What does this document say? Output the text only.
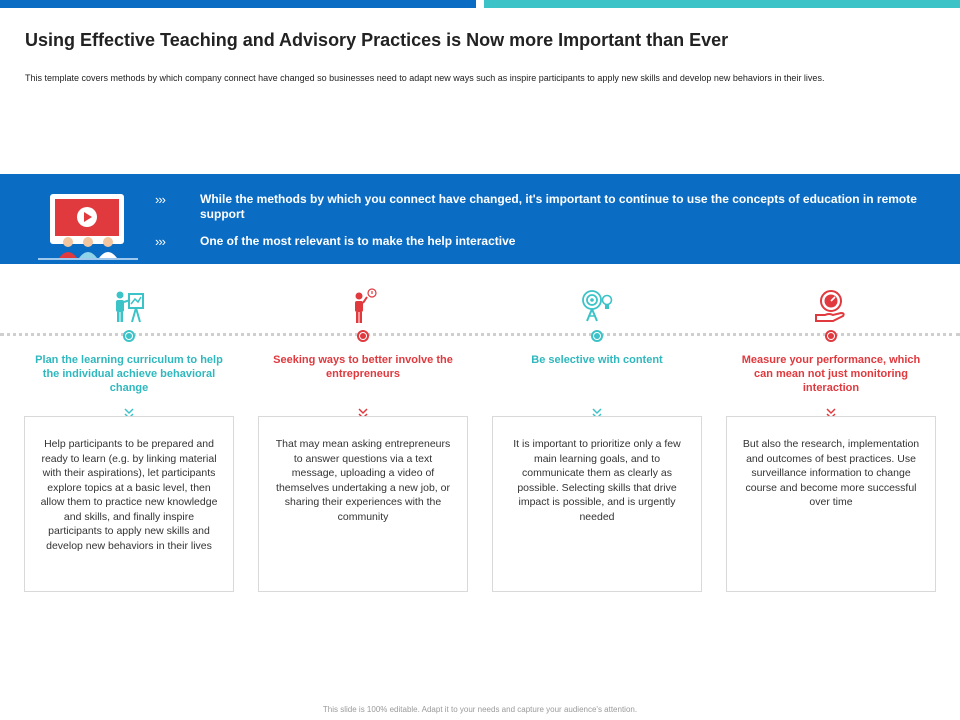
Using Effective Teaching and Advisory Practices is Now more Important than Ever

This template covers methods by which company connect have changed so businesses need to adapt new ways such as inspire participants to apply new skills and develop new behaviors in their lives.

›››	While the methods by which you connect have changed, it's important to continue to use the concepts of education in remote support
›››	One of the most relevant is to make the help interactive
Plan the learning curriculum to help the individual achieve behavioral change
Help participants to be prepared and ready to learn (e.g. by linking material with their aspirations), let participants explore topics at a basic level, then allow them to practice new knowledge and skills, and finally inspire participants to apply new skills and develop new behaviors in their lives
Seeking ways to better involve the entrepreneurs
That may mean asking entrepreneurs to answer questions via a text message, uploading a video of themselves undertaking a new job, or sharing their experiences with the community
Be selective with content
It is important to prioritize only a few main learning goals, and to communicate them as clearly as possible. Selecting skills that drive impact is possible, and is urgently needed
Measure your performance, which can mean not just monitoring interaction
But also the research, implementation and outcomes of best practices. Use surveillance information to change course and become more successful over time
This slide is 100% editable. Adapt it to your needs and capture your audience's attention.
